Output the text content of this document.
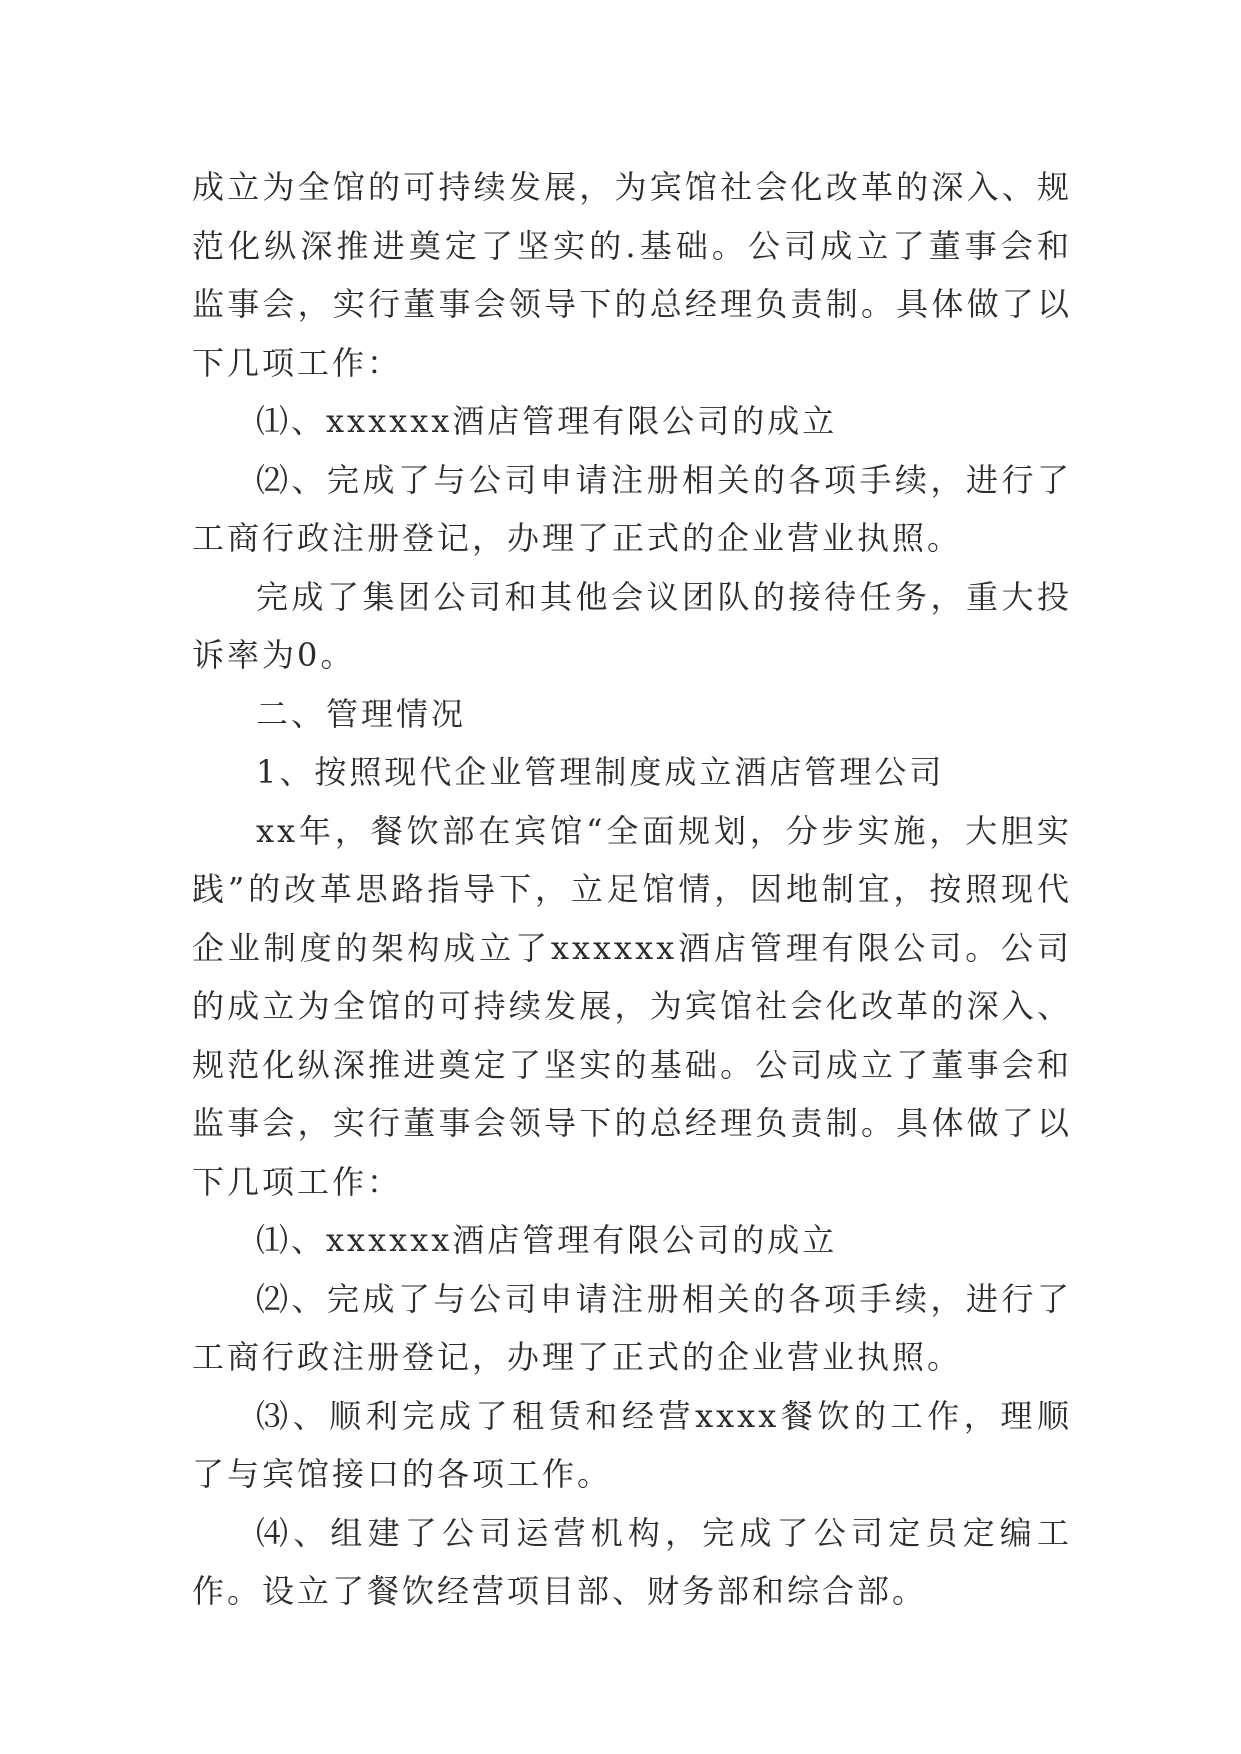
成立为全馆的可持续发展，为宾馆社会化改革的深入、规范化纵深推进奠定了坚实的.基础。公司成立了董事会和监事会，实行董事会领导下的总经理负责制。具体做了以下几项工作：

⑴、xxxxxx酒店管理有限公司的成立

⑵、完成了与公司申请注册相关的各项手续，进行了工商行政注册登记，办理了正式的企业营业执照。

完成了集团公司和其他会议团队的接待任务，重大投诉率为0。

二、管理情况

1、按照现代企业管理制度成立酒店管理公司

xx年，餐饮部在宾馆“全面规划，分步实施，大胆实践”的改革思路指导下，立足馆情，因地制宜，按照现代企业制度的架构成立了xxxxxx酒店管理有限公司。公司的成立为全馆的可持续发展，为宾馆社会化改革的深入、规范化纵深推进奠定了坚实的基础。公司成立了董事会和监事会，实行董事会领导下的总经理负责制。具体做了以下几项工作：

⑴、xxxxxx酒店管理有限公司的成立

⑵、完成了与公司申请注册相关的各项手续，进行了工商行政注册登记，办理了正式的企业营业执照。

⑶、顺利完成了租赁和经营xxxx餐饮的工作，理顺了与宾馆接口的各项工作。

⑷、组建了公司运营机构，完成了公司定员定编工作。设立了餐饮经营项目部、财务部和综合部。
